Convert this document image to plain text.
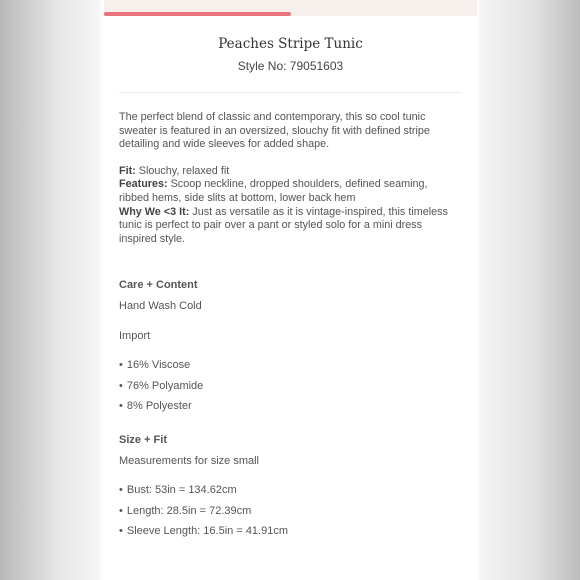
Peaches Stripe Tunic
Style No: 79051603

The perfect blend of classic and contemporary, this so cool tunic sweater is featured in an oversized, slouchy fit with defined stripe detailing and wide sleeves for added shape.

Fit: Slouchy, relaxed fit

Features: Scoop neckline, dropped shoulders, defined seaming, ribbed hems, side slits at bottom, lower back hem

Why We <3 It: Just as versatile as it is vintage-inspired, this timeless tunic is perfect to pair over a pant or styled solo for a mini dress inspired style.

Care + Content
Hand Wash Cold
Import
• 16% Viscose
• 76% Polyamide
• 8% Polyester
Size + Fit
Measurements for size small
• Bust: 53in = 134.62cm
• Length: 28.5in = 72.39cm
• Sleeve Length: 16.5in = 41.91cm
